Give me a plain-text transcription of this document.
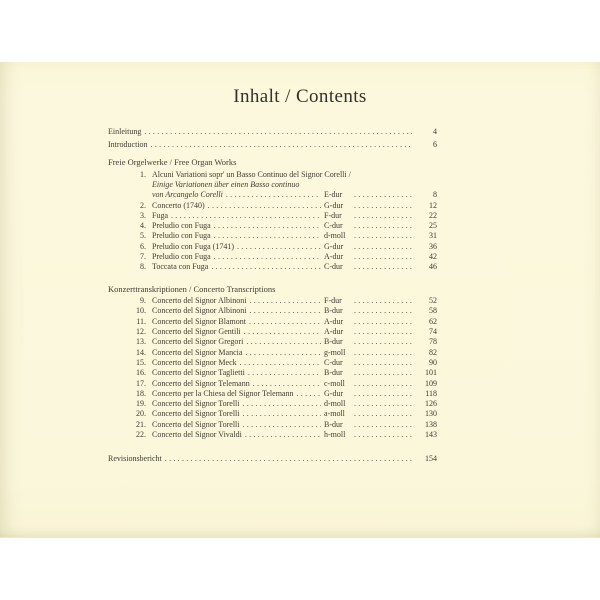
Inhalt / Contents
Einleitung .....	4
Introduction .....	6
Freie Orgelwerke / Free Organ Works
1. Alcuni Variationi sopr' un Basso Continuo del Signor Corelli /
Einige Variationen über einen Basso continuo
von Arcangelo Corelli .....	E-dur .....	8
2. Concerto (1740) .....	G-dur .....	12
3. Fuga .....	F-dur .....	22
4. Preludio con Fuga .....	C-dur .....	25
5. Preludio con Fuga .....	d-moll .....	31
6. Preludio con Fuga (1741) .....	G-dur .....	36
7. Preludio con Fuga .....	A-dur .....	42
8. Toccata con Fuga .....	C-dur .....	46
Konzerttranskriptionen / Concerto Transcriptions
9. Concerto del Signor Albinoni .....	F-dur .....	52
10. Concerto del Signor Albinoni .....	B-dur .....	58
11. Concerto del Signor Blamont .....	A-dur .....	62
12. Concerto del Signor Gentili .....	A-dur .....	74
13. Concerto del Signor Gregori .....	B-dur .....	78
14. Concerto del Signor Mancia .....	g-moll .....	82
15. Concerto del Signor Meck .....	C-dur .....	90
16. Concerto del Signor Taglietti .....	B-dur .....	101
17. Concerto del Signor Telemann .....	c-moll .....	109
18. Concerto per la Chiesa del Signor Telemann .....	G-dur .....	118
19. Concerto del Signor Torelli .....	d-moll .....	126
20. Concerto del Signor Torelli .....	a-moll .....	130
21. Concerto del Signor Torelli .....	B-dur .....	138
22. Concerto del Signor Vivaldi .....	h-moll .....	143
Revisionsbericht .....	154
